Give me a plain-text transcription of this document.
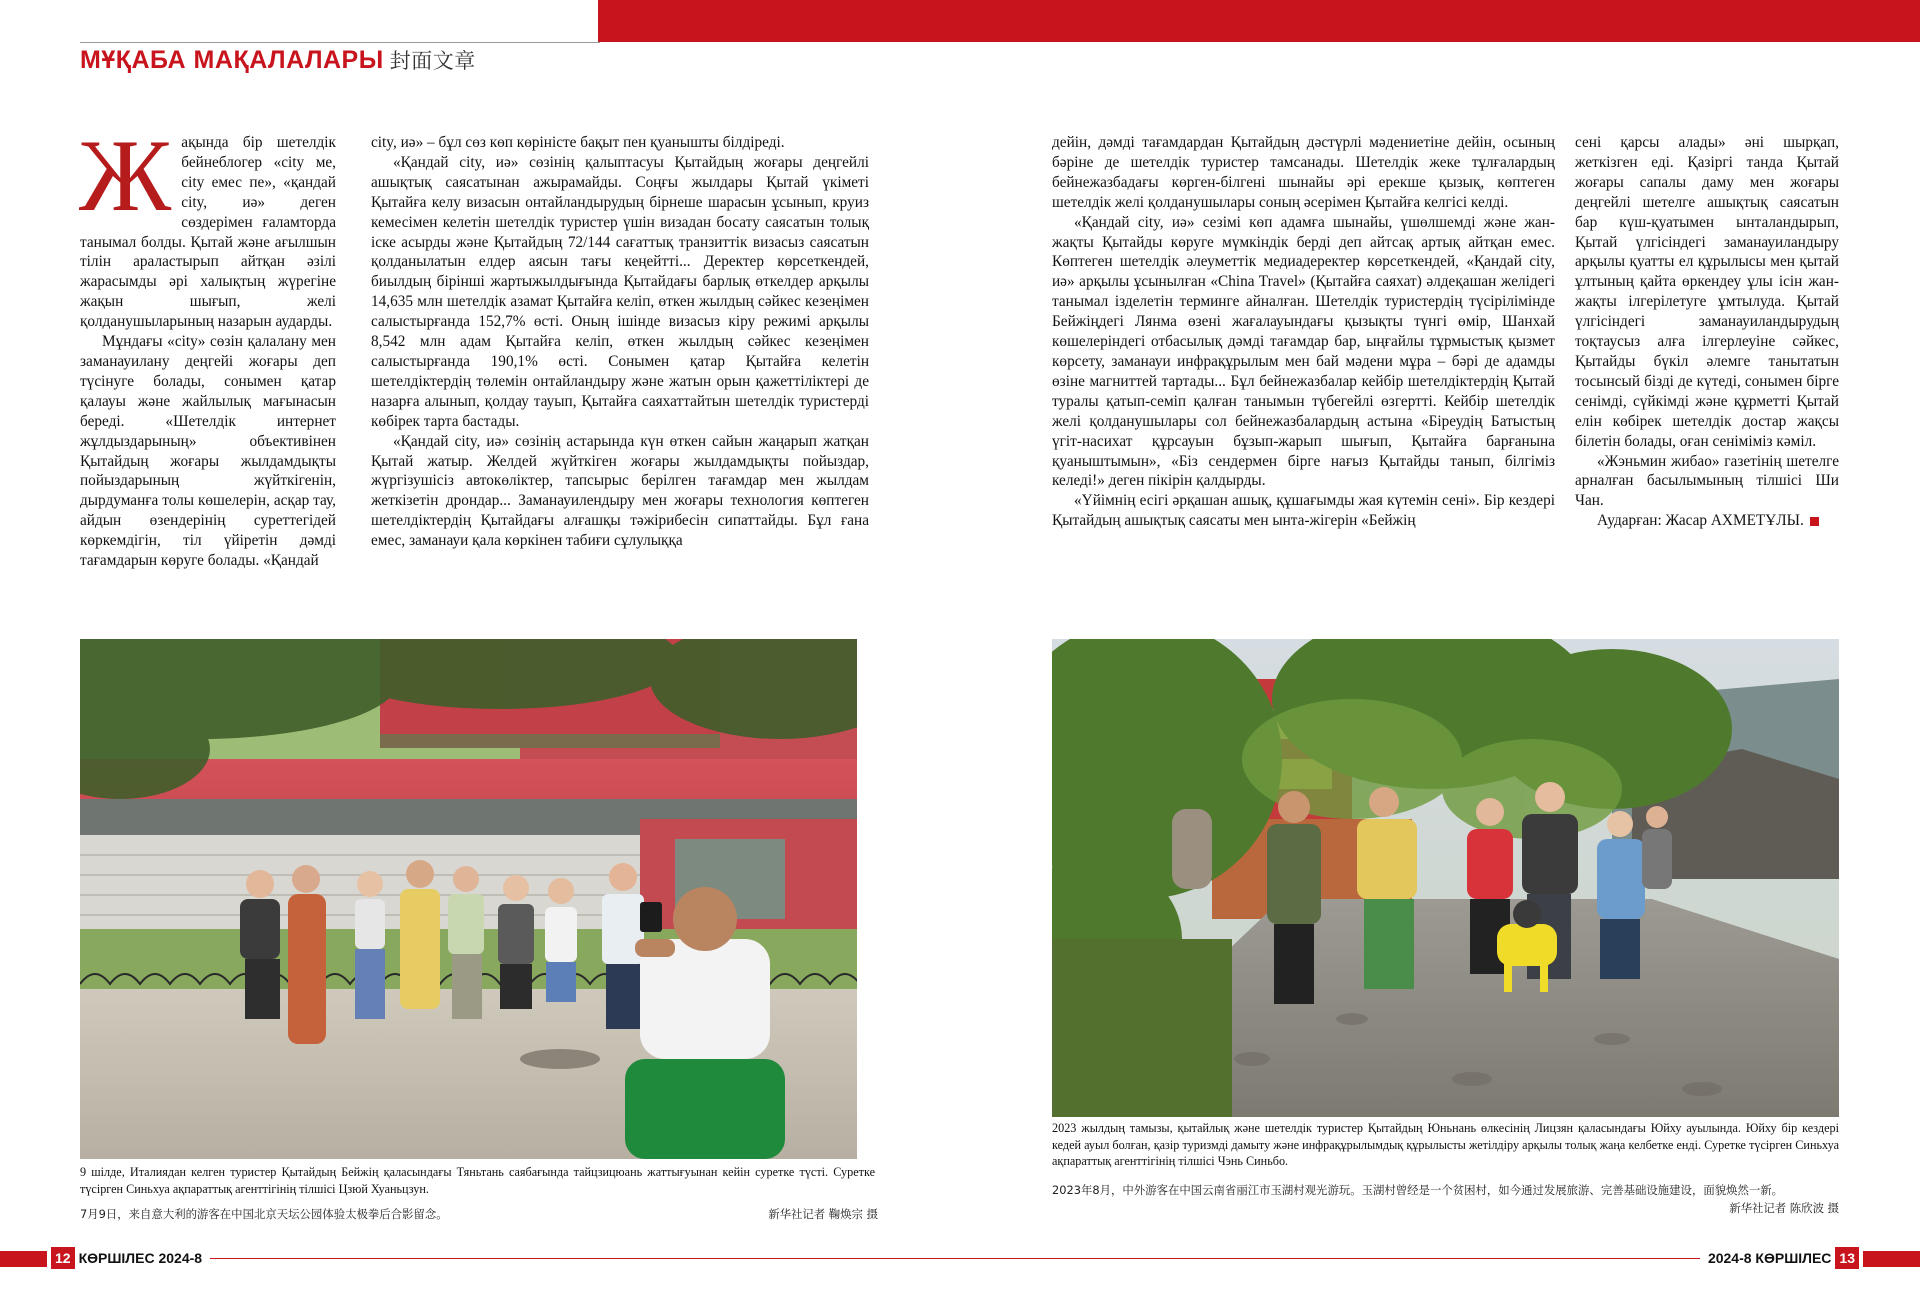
МҰҚАБА МАҚАЛАЛАРЫ 封面文章
Ж ақында бір шетелдік бейнеблогер «city ме, city емес пе», «қандай city, иә» деген сөздерімен ғаламторда танымал болды. Қытай және ағылшын тілін араластырып айтқан әзілі жарасымды әрі халықтың жүрегіне жақын шығып, желі қолданушыларының назарын аударды.

Мұндағы «city» сөзін қалалану мен заманауилану деңгейі жоғары деп түсінуге болады, сонымен қатар қалауы және жайлылық мағынасын береді. «Шетелдік интернет жұлдыздарының» объективінен Қытайдың жоғары жылдамдықты пойыздарының жүйткігенін, дырдуманға толы көшелерін, асқар тау, айдын өзендерінің суреттегідей көркемдігін, тіл үйіретін дәмді тағамдарын көруге болады. «Қандай

city, иә» – бұл сөз көп көріністе бақыт пен қуанышты білдіреді.

«Қандай city, иә» сөзінің қалыптасуы Қытайдың жоғары деңгейлі ашықтық саясатынан ажырамайды. Соңғы жылдары Қытай үкіметі Қытайға келу визасын онтайландырудың бірнеше шарасын ұсынып, круиз кемесімен келетін шетелдік туристер үшін визадан босату саясатын толық іске асырды және Қытайдың 72/144 сағаттық транзиттік визасыз саясатын қолданылатын елдер аясын тағы кеңейтті... Деректер көрсеткендей, биылдың бірінші жартыжылдығында Қытайдағы барлық өткелдер арқылы 14,635 млн шетелдік азамат Қытайға келіп, өткен жылдың сәйкес кезеңімен салыстырғанда 152,7% өсті. Оның ішінде визасыз кіру режимі арқылы 8,542 млн адам Қытайға келіп, өткен жылдың сәйкес кезеңімен салыстырғанда 190,1% өсті. Сонымен қатар Қытайға келетін шетелдіктердің төлемін онтайландыру және жатын орын қажеттіліктері де назарға алынып, қолдау тауып, Қытайға саяхаттайтын шетелдік туристерді көбірек тарта бастады.

«Қандай city, иә» сөзінің астарында күн өткен сайын жаңарып жатқан Қытай жатыр. Желдей жүйткіген жоғары жылдамдықты пойыздар, жүргізушісіз автокөліктер, тапсырыс берілген тағамдар мен жылдам жеткізетін дрондар... Заманауилендыру мен жоғары технология көптеген шетелдіктердің Қытайдағы алғашқы тәжірибесін сипаттайды. Бұл ғана емес, заманауи қала көркінен табиғи сұлулыққа

дейін, дәмді тағамдардан Қытайдың дәстүрлі мәдениетіне дейін, осының бәріне де шетелдік туристер тамсанады. Шетелдік жеке тұлғалардың бейнежазбадағы көрген-білгені шынайы әрі ерекше қызық, көптеген шетелдік желі қолданушылары соның әсерімен Қытайға келгісі келді.

«Қандай city, иә» сезімі көп адамға шынайы, үшөлшемді және жан-жақты Қытайды көруге мүмкіндік берді деп айтсақ артық айтқан емес. Көптеген шетелдік әлеуметтік медиадеректер көрсеткендей, «Қандай city, иә» арқылы ұсынылған «China Travel» (Қытайға саяхат) әлдеқашан желідегі танымал ізделетін терминге айналған. Шетелдік туристердің түсірілімінде Бейжіңдегі Лянма өзені жағалауындағы қызықты түнгі өмір, Шанхай көшелеріндегі отбасылық дәмді тағамдар бар, ыңғайлы тұрмыстық қызмет көрсету, заманауи инфрақұрылым мен бай мәдени мұра – бәрі де адамды өзіне магниттей тартады... Бұл бейнежазбалар кейбір шетелдіктердің Қытай туралы қатып-семіп қалған танымын түбегейлі өзгертті. Кейбір шетелдік желі қолданушылары сол бейнежазбалардың астына «Біреудің Батыстың үгіт-насихат құрсауын бұзып-жарып шығып, Қытайға барғанына қуаныштымын», «Біз сендермен бірге нағыз Қытайды танып, білгіміз келеді!» деген пікірін қалдырды.

«Үйімнің есігі әрқашан ашық, құшағымды жая күтемін сені». Бір кездері Қытайдың ашықтық саясаты мен ынта-жігерін «Бейжің

сені қарсы алады» әні шырқап, жеткізген еді. Қазіргі танда Қытай жоғары сапалы даму мен жоғары деңгейлі шетелге ашықтық саясатын бар күш-қуатымен ынталандырып, Қытай үлгісіндегі заманауиландыру арқылы қуатты ел құрылысы мен қытай ұлтының қайта өркендеу ұлы ісін жан-жақты ілгерілетуге ұмтылуда. Қытай үлгісіндегі заманауиландырудың тоқтаусыз алға ілгерлеуіне сәйкес, Қытайды бүкіл әлемге танытатын тосынсый бізді де күтеді, сонымен бірге сенімді, сүйкімді және құрметті Қытай елін көбірек шетелдік достар жақсы білетін болады, оған сеніміміз кәміл.

«Жэньмин жибао» газетінің шетелге арналған басылымының тілшісі Ши Чан.

Аударған: Жасар АХМЕТҰЛЫ.

9 шілде, Италиядан келген туристер Қытайдың Бейжің қаласындағы Тяньтань саябағында тайцзицюань жаттығуынан кейін суретке түсті. Суретке түсірген Синьхуа ақпараттық агенттігінің тілшісі Цзюй Хуаньцзун.
7月9日，来自意大利的游客在中国北京天坛公园体验太极拳后合影留念。	新华社记者 鞠焕宗 摄
2023 жылдың тамызы, қытайлық және шетелдік туристер Қытайдың Юньнань өлкесінің Лицзян қаласындағы Юйху ауылында. Юйху бір кездері кедей ауыл болған, қазір туризмді дамыту және инфрақұрылымдық құрылысты жетілдіру арқылы толық жаңа келбетке енді. Суретке түсірген Синьхуа ақпараттық агенттігінің тілшісі Чэнь Синьбо.
2023年8月，中外游客在中国云南省丽江市玉湖村观光游玩。玉湖村曾经是一个贫困村，如今通过发展旅游、完善基础设施建设，面貌焕然一新。
新华社记者 陈欣波 摄
12 КӨРШІЛЕС 2024-8	2024-8 КӨРШІЛЕС 13
